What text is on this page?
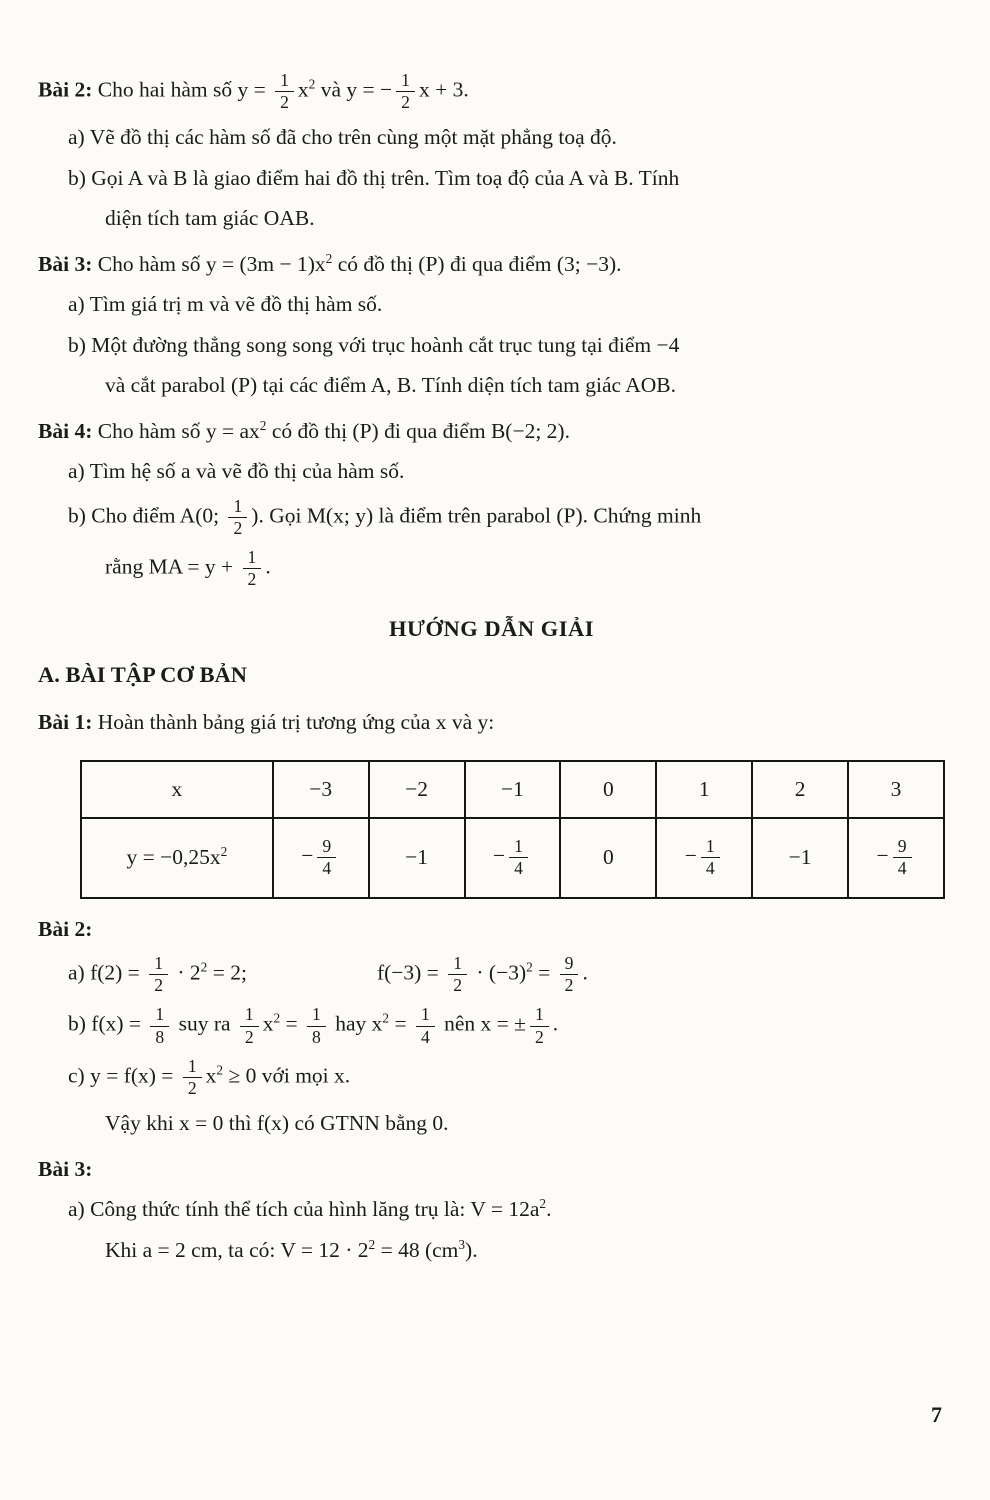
Bài 2: Cho hai hàm số $y = \frac{1}{2} x^2$ và y = − $\frac{1}{2}$ x + 3.
a) Vẽ đồ thị các hàm số đã cho trên cùng một mặt phẳng toạ độ.
b) Gọi A và B là giao điểm hai đồ thị trên. Tìm toạ độ của A và B. Tính
diện tích tam giác OAB.
Bài 3: Cho hàm số $y = (3m - 1)x^2$ có đồ thị (P) đi qua điểm (3; −3).
a) Tìm giá trị m và vẽ đồ thị hàm số.
b) Một đường thẳng song song với trục hoành cắt trục tung tại điểm −4
và cắt parabol (P) tại các điểm A, B. Tính diện tích tam giác AOB.
Bài 4: Cho hàm số $y = ax^2$ có đồ thị (P) đi qua điểm B(−2; 2).
a) Tìm hệ số a và vẽ đồ thị của hàm số.
b) Cho điểm A(0; $\frac{1}{2}$ ). Gọi M(x; y) là điểm trên parabol (P). Chứng minh
rằng MA = $y + \frac{1}{2}$ .
HƯỚNG DẪN GIẢI
A. BÀI TẬP CƠ BẢN
Bài 1: Hoàn thành bảng giá trị tương ứng của x và y:
x	−3	−2	−1	0	1	2	3
$y = -0,25x^2$	− $\frac{9}{4}$	−1	− $\frac{1}{4}$	0	− $\frac{1}{4}$	−1	− $\frac{9}{4}$
Bài 2:
a) $f(2) = \frac{1}{2} \cdot 2^2 = 2$;	$f(-3) = \frac{1}{2} \cdot (-3)^2 = \frac{9}{2}$ .
b) $f(x) = \frac{1}{8}$ suy ra $\frac{1}{2} x^2 = \frac{1}{8}$ hay $x^2 = \frac{1}{4}$ nên x = ± $\frac{1}{2}$ .
c) $y = f(x) = \frac{1}{2} x^2 \ge 0$ với mọi x.
Vậy khi x = 0 thì f(x) có GTNN bằng 0.
Bài 3:
a) Công thức tính thể tích của hình lăng trụ là: $V = 12a^2$.
Khi a = 2 cm, ta có: $V = 12 \cdot 2^2 = 48$ $(cm^3)$.
7
